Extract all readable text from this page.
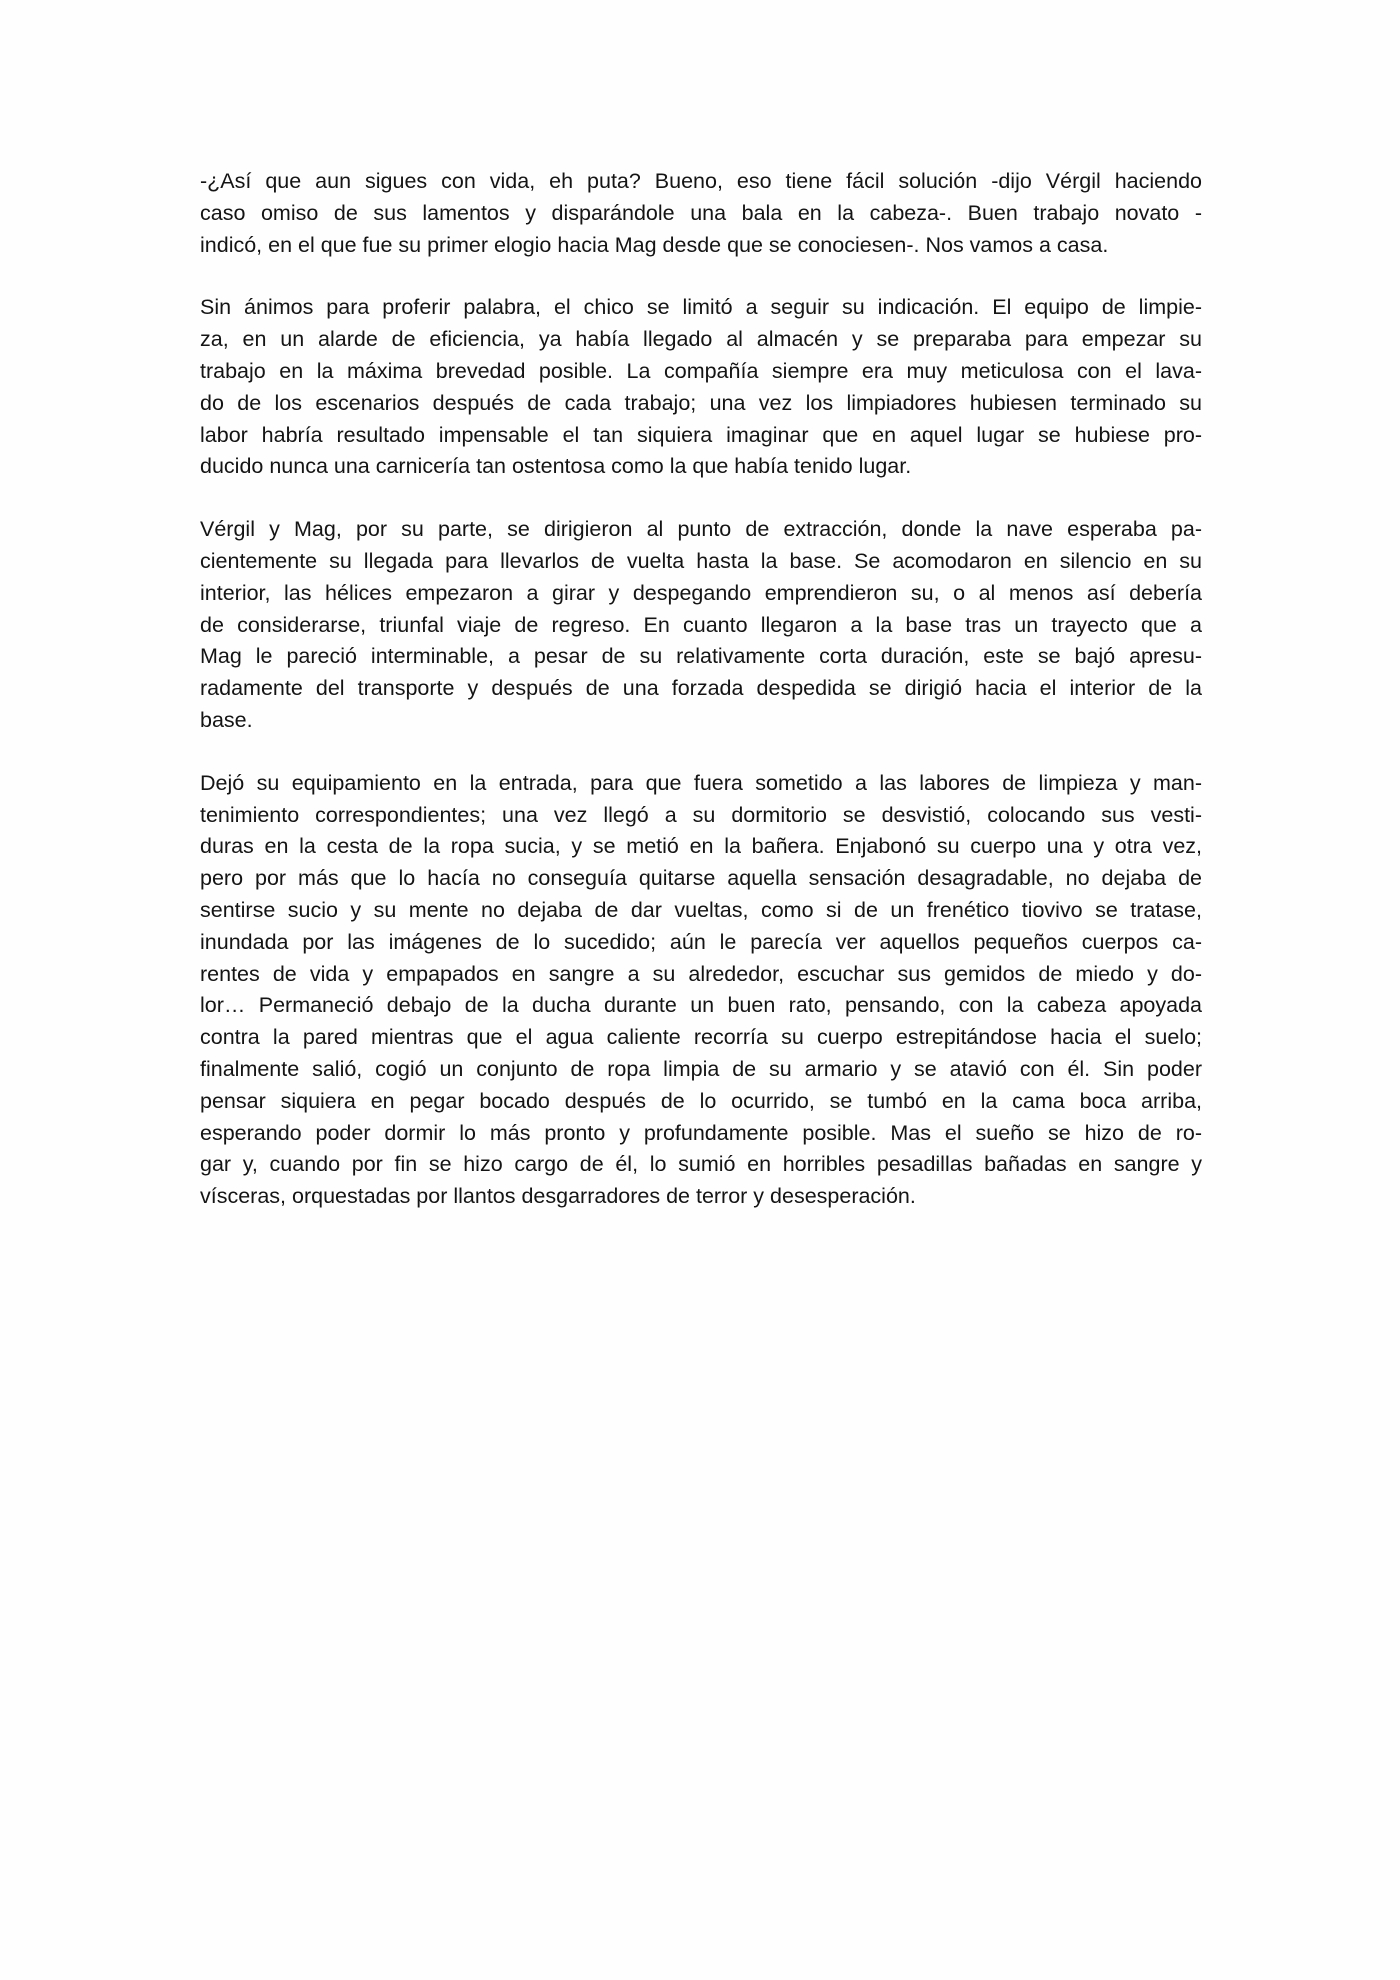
-¿Así que aun sigues con vida, eh puta? Bueno, eso tiene fácil solución -dijo Vérgil haciendo
caso omiso de sus lamentos y disparándole una bala en la cabeza-. Buen trabajo novato -
indicó, en el que fue su primer elogio hacia Mag desde que se conociesen-. Nos vamos a casa.

Sin ánimos para proferir palabra, el chico se limitó a seguir su indicación. El equipo de limpie-
za, en un alarde de eficiencia, ya había llegado al almacén y se preparaba para empezar su
trabajo en la máxima brevedad posible. La compañía siempre era muy meticulosa con el lava-
do de los escenarios después de cada trabajo; una vez los limpiadores hubiesen terminado su
labor habría resultado impensable el tan siquiera imaginar que en aquel lugar se hubiese pro-
ducido nunca una carnicería tan ostentosa como la que había tenido lugar.

Vérgil y Mag, por su parte, se dirigieron al punto de extracción, donde la nave esperaba pa-
cientemente su llegada para llevarlos de vuelta hasta la base. Se acomodaron en silencio en su
interior, las hélices empezaron a girar y despegando emprendieron su, o al menos así debería
de considerarse, triunfal viaje de regreso. En cuanto llegaron a la base tras un trayecto que a
Mag le pareció interminable, a pesar de su relativamente corta duración, este se bajó apresu-
radamente del transporte y después de una forzada despedida se dirigió hacia el interior de la
base.

Dejó su equipamiento en la entrada, para que fuera sometido a las labores de limpieza y man-
tenimiento correspondientes; una vez llegó a su dormitorio se desvistió, colocando sus vesti-
duras en la cesta de la ropa sucia, y se metió en la bañera. Enjabonó su cuerpo una y otra vez,
pero por más que lo hacía no conseguía quitarse aquella sensación desagradable, no dejaba de
sentirse sucio y su mente no dejaba de dar vueltas, como si de un frenético tiovivo se tratase,
inundada por las imágenes de lo sucedido; aún le parecía ver aquellos pequeños cuerpos ca-
rentes de vida y empapados en sangre a su alrededor, escuchar sus gemidos de miedo y do-
lor… Permaneció debajo de la ducha durante un buen rato, pensando, con la cabeza apoyada
contra la pared mientras que el agua caliente recorría su cuerpo estrepitándose hacia el suelo;
finalmente salió, cogió un conjunto de ropa limpia de su armario y se atavió con él. Sin poder
pensar siquiera en pegar bocado después de lo ocurrido, se tumbó en la cama boca arriba,
esperando poder dormir lo más pronto y profundamente posible. Mas el sueño se hizo de ro-
gar y, cuando por fin se hizo cargo de él, lo sumió en horribles pesadillas bañadas en sangre y
vísceras, orquestadas por llantos desgarradores de terror y desesperación.
